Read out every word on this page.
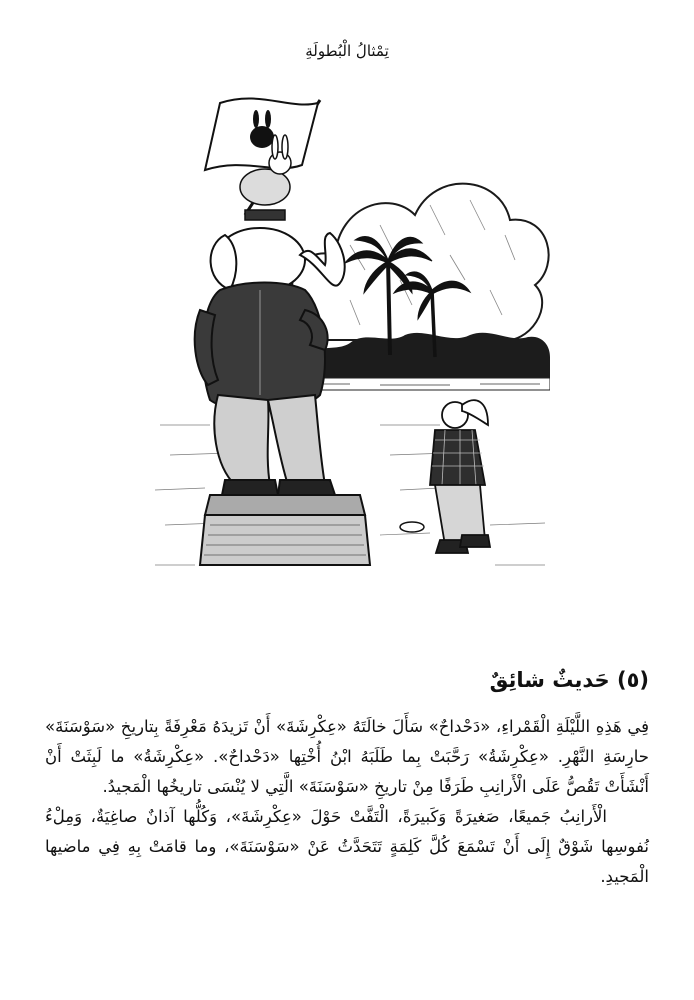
تِمْثالُ الْبُطولَةِ
(٥) حَديثٌ شائِقٌ

فِي هَذِهِ اللَّيْلَةِ الْقَمْراءِ، «دَحْداحٌ» سَأَلَ خالَتَهُ «عِكْرِشَةَ» أَنْ تَزيدَهُ مَعْرِفَةً بِتاريخِ «سَوْسَنَةَ» حارِسَةِ النَّهْرِ. «عِكْرِشَةُ» رَحَّبَتْ بِما طَلَبَهُ ابْنُ أُخْتِها «دَحْداحٌ». «عِكْرِشَةُ» ما لَبِثَتْ أَنْ أَنْشَأَتْ تَقُصُّ عَلَى الْأَرانِبِ طَرَفًا مِنْ تاريخِ «سَوْسَنَةَ» الَّتِي لا يُنْسَى تاريخُها الْمَجيدُ.

الْأَرانِبُ جَميعًا، صَغيرَةً وَكَبيرَةً، الْتَفَّتْ حَوْلَ «عِكْرِشَةَ»، وَكُلُّها آذانٌ صاغِيَةٌ، وَمِلْءُ نُفوسِها شَوْقٌ إِلَى أَنْ تَسْمَعَ كُلَّ كَلِمَةٍ تَتَحَدَّثُ عَنْ «سَوْسَنَةَ»، وما قامَتْ بِهِ فِي ماضيها الْمَجيدِ.
